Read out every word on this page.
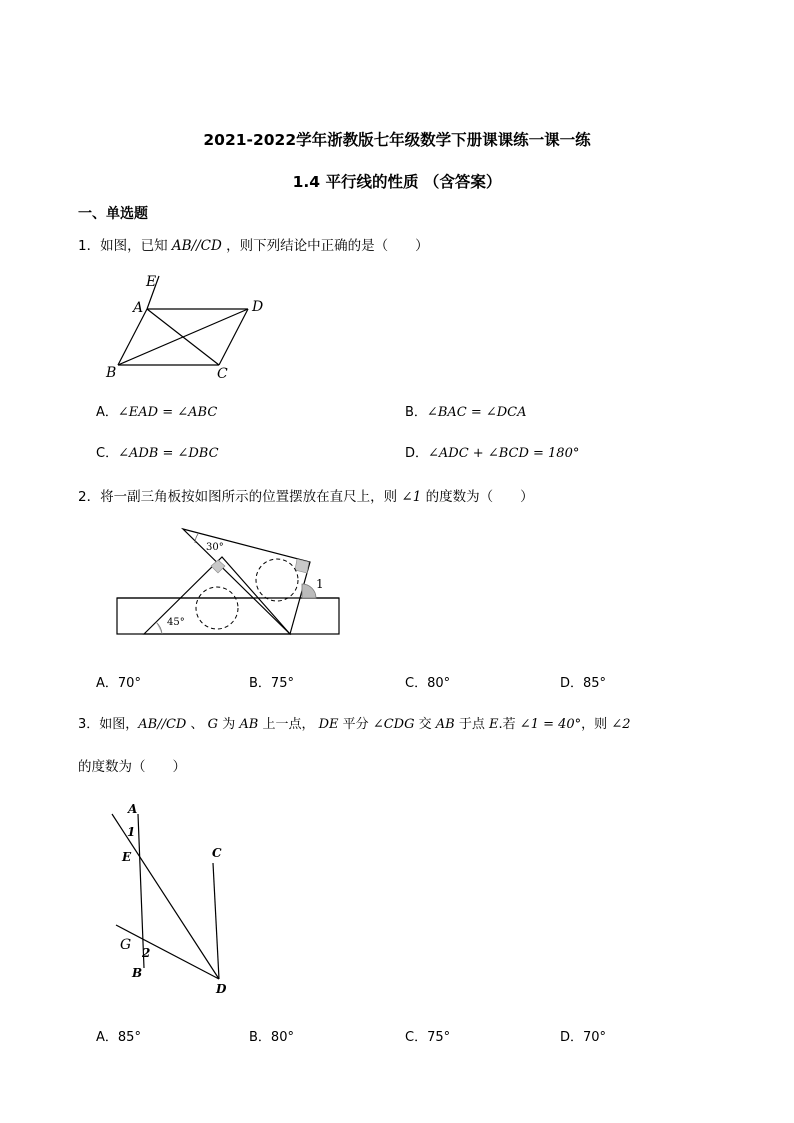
2021-2022学年浙教版七年级数学下册课课练一课一练
1.4 平行线的性质 （含答案）
一、单选题
1．如图，已知 AB//CD ，则下列结论中正确的是（　　）
E
A	D
B	C
A．∠EAD = ∠ABC	B．∠BAC = ∠DCA
C．∠ADB = ∠DBC	D．∠ADC + ∠BCD = 180°
2．将一副三角板按如图所示的位置摆放在直尺上，则 ∠1 的度数为（　　）
30°
45°
1
A．70°	B．75°	C．80°	D．85°
3．如图，AB//CD 、 G 为 AB 上一点， DE 平分 ∠CDG 交 AB 于点 E.若 ∠1 = 40°，则 ∠2
的度数为（　　）
A
1
E	C
G 2
B
D
A．85°	B．80°	C．75°	D．70°
